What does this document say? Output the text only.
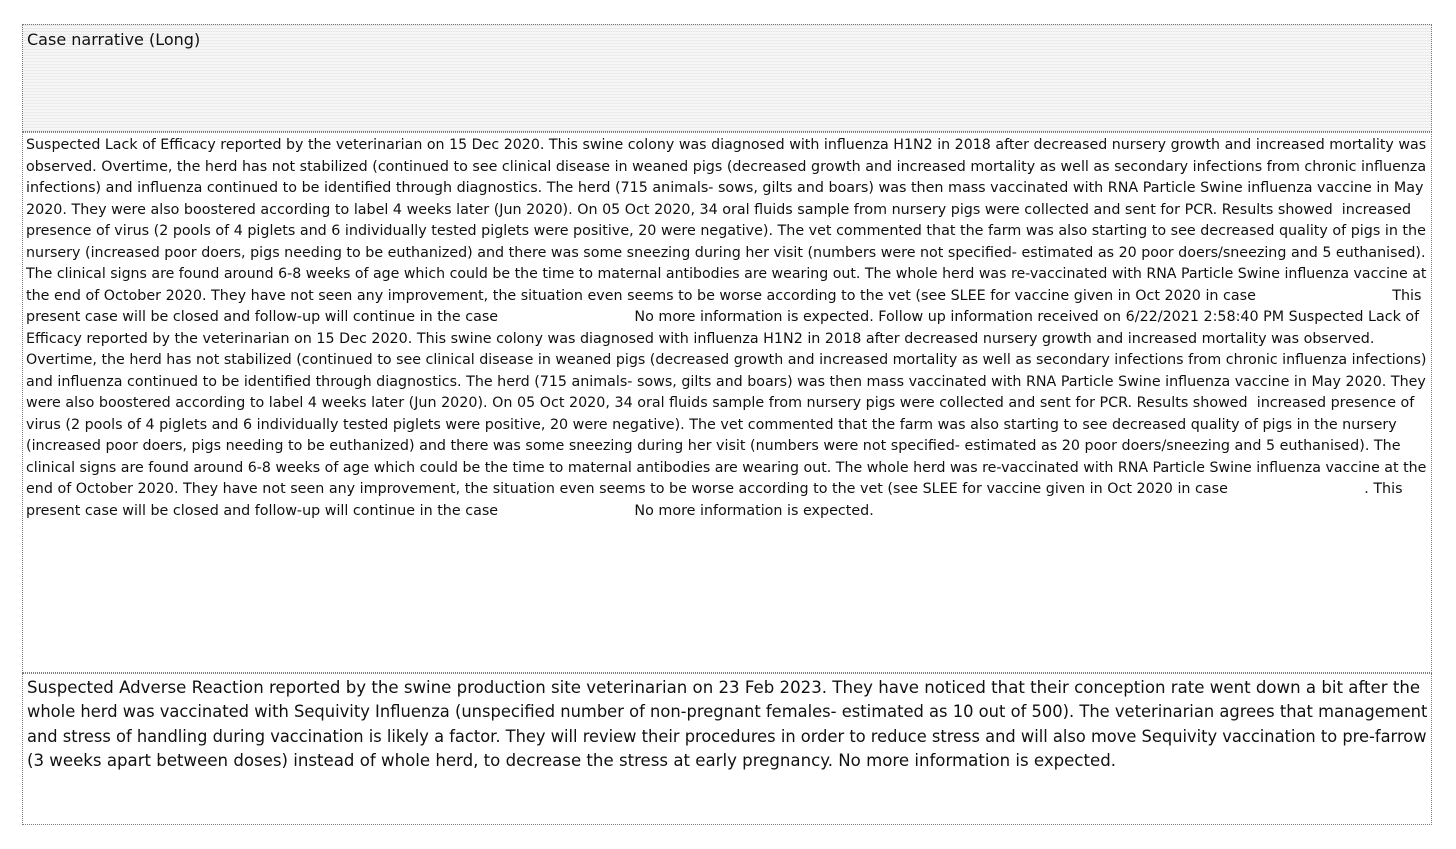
Case narrative (Long)
Suspected Lack of Efficacy reported by the veterinarian on 15 Dec 2020. This swine colony was diagnosed with influenza H1N2 in 2018 after decreased nursery growth and increased mortality was
observed. Overtime, the herd has not stabilized (continued to see clinical disease in weaned pigs (decreased growth and increased mortality as well as secondary infections from chronic influenza
infections) and influenza continued to be identified through diagnostics. The herd (715 animals- sows, gilts and boars) was then mass vaccinated with RNA Particle Swine influenza vaccine in May
2020. They were also boostered according to label 4 weeks later (Jun 2020). On 05 Oct 2020, 34 oral fluids sample from nursery pigs were collected and sent for PCR. Results showed  increased
presence of virus (2 pools of 4 piglets and 6 individually tested piglets were positive, 20 were negative). The vet commented that the farm was also starting to see decreased quality of pigs in the
nursery (increased poor doers, pigs needing to be euthanized) and there was some sneezing during her visit (numbers were not specified- estimated as 20 poor doers/sneezing and 5 euthanised).
The clinical signs are found around 6-8 weeks of age which could be the time to maternal antibodies are wearing out. The whole herd was re-vaccinated with RNA Particle Swine influenza vaccine at
the end of October 2020. They have not seen any improvement, the situation even seems to be worse according to the vet (see SLEE for vaccine given in Oct 2020 in case                              This
present case will be closed and follow-up will continue in the case                              No more information is expected. Follow up information received on 6/22/2021 2:58:40 PM Suspected Lack of
Efficacy reported by the veterinarian on 15 Dec 2020. This swine colony was diagnosed with influenza H1N2 in 2018 after decreased nursery growth and increased mortality was observed.
Overtime, the herd has not stabilized (continued to see clinical disease in weaned pigs (decreased growth and increased mortality as well as secondary infections from chronic influenza infections)
and influenza continued to be identified through diagnostics. The herd (715 animals- sows, gilts and boars) was then mass vaccinated with RNA Particle Swine influenza vaccine in May 2020. They
were also boostered according to label 4 weeks later (Jun 2020). On 05 Oct 2020, 34 oral fluids sample from nursery pigs were collected and sent for PCR. Results showed  increased presence of
virus (2 pools of 4 piglets and 6 individually tested piglets were positive, 20 were negative). The vet commented that the farm was also starting to see decreased quality of pigs in the nursery
(increased poor doers, pigs needing to be euthanized) and there was some sneezing during her visit (numbers were not specified- estimated as 20 poor doers/sneezing and 5 euthanised). The
clinical signs are found around 6-8 weeks of age which could be the time to maternal antibodies are wearing out. The whole herd was re-vaccinated with RNA Particle Swine influenza vaccine at the
end of October 2020. They have not seen any improvement, the situation even seems to be worse according to the vet (see SLEE for vaccine given in Oct 2020 in case                              . This
present case will be closed and follow-up will continue in the case                              No more information is expected.
Suspected Adverse Reaction reported by the swine production site veterinarian on 23 Feb 2023. They have noticed that their conception rate went down a bit after the
whole herd was vaccinated with Sequivity Influenza (unspecified number of non-pregnant females- estimated as 10 out of 500). The veterinarian agrees that management
and stress of handling during vaccination is likely a factor. They will review their procedures in order to reduce stress and will also move Sequivity vaccination to pre-farrow
(3 weeks apart between doses) instead of whole herd, to decrease the stress at early pregnancy. No more information is expected.
